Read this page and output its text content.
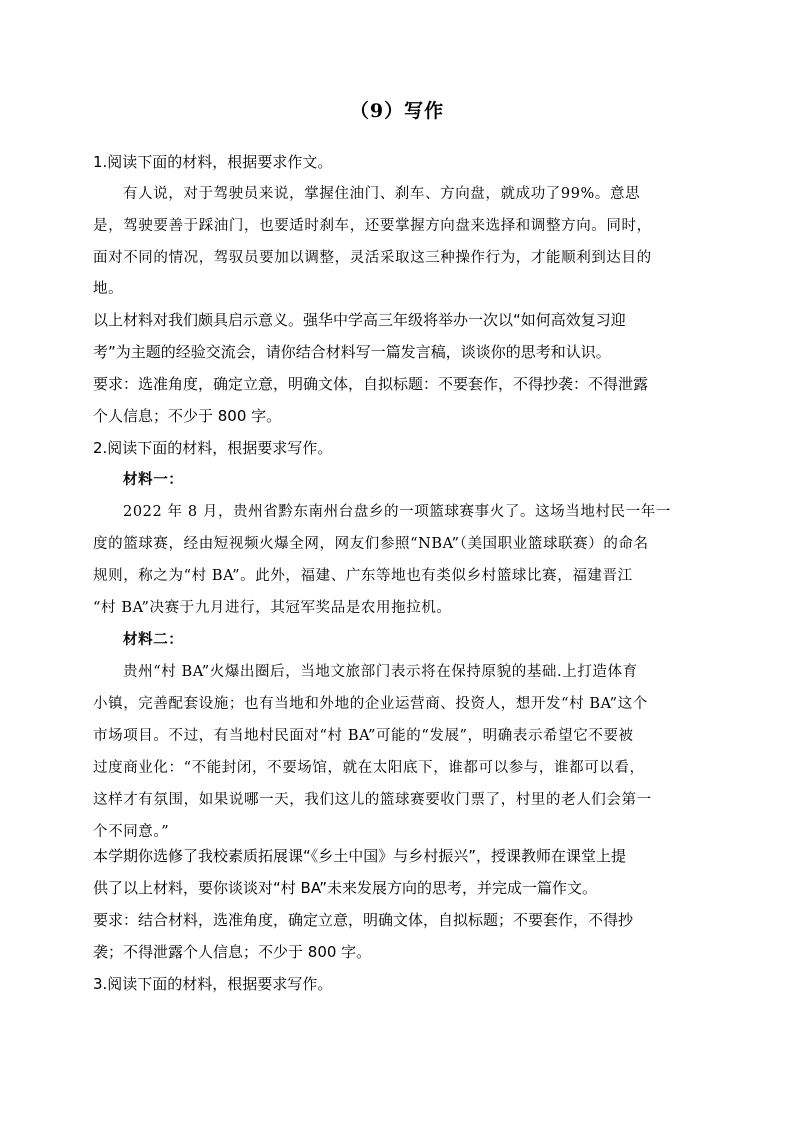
（9）写作
1.阅读下面的材料，根据要求作文。
有人说，对于驾驶员来说，掌握住油门、刹车、方向盘，就成功了99%。意思
是，驾驶要善于踩油门，也要适时刹车，还要掌握方向盘来选择和调整方向。同时，
面对不同的情况，驾驭员要加以调整，灵活采取这三种操作行为，才能顺利到达目的
地。
以上材料对我们颇具启示意义。强华中学高三年级将举办一次以“如何高效复习迎
考”为主题的经验交流会，请你结合材料写一篇发言稿，谈谈你的思考和认识。
要求：选准角度，确定立意，明确文体，自拟标题：不要套作，不得抄袭：不得泄露
个人信息；不少于 800 字。
2.阅读下面的材料，根据要求写作。
材料一：
2022 年 8 月，贵州省黔东南州台盘乡的一项篮球赛事火了。这场当地村民一年一
度的篮球赛，经由短视频火爆全网，网友们参照“NBA”（美国职业篮球联赛）的命名
规则，称之为“村 BA”。此外，福建、广东等地也有类似乡村篮球比赛，福建晋江
“村 BA”决赛于九月进行，其冠军奖品是农用拖拉机。
材料二：
贵州“村 BA”火爆出圈后，当地文旅部门表示将在保持原貌的基础.上打造体育
小镇，完善配套设施；也有当地和外地的企业运营商、投资人，想开发“村 BA”这个
市场项目。不过，有当地村民面对“村 BA”可能的“发展”，明确表示希望它不要被
过度商业化：“不能封闭，不要场馆，就在太阳底下，谁都可以参与，谁都可以看，
这样才有氛围，如果说哪一天，我们这儿的篮球赛要收门票了，村里的老人们会第一
个不同意。”
本学期你选修了我校素质拓展课“《乡土中国》与乡村振兴”，授课教师在课堂上提
供了以上材料，要你谈谈对“村 BA”未来发展方向的思考，并完成一篇作文。
要求：结合材料，选准角度，确定立意，明确文体，自拟标题；不要套作，不得抄
袭；不得泄露个人信息；不少于 800 字。
3.阅读下面的材料，根据要求写作。
